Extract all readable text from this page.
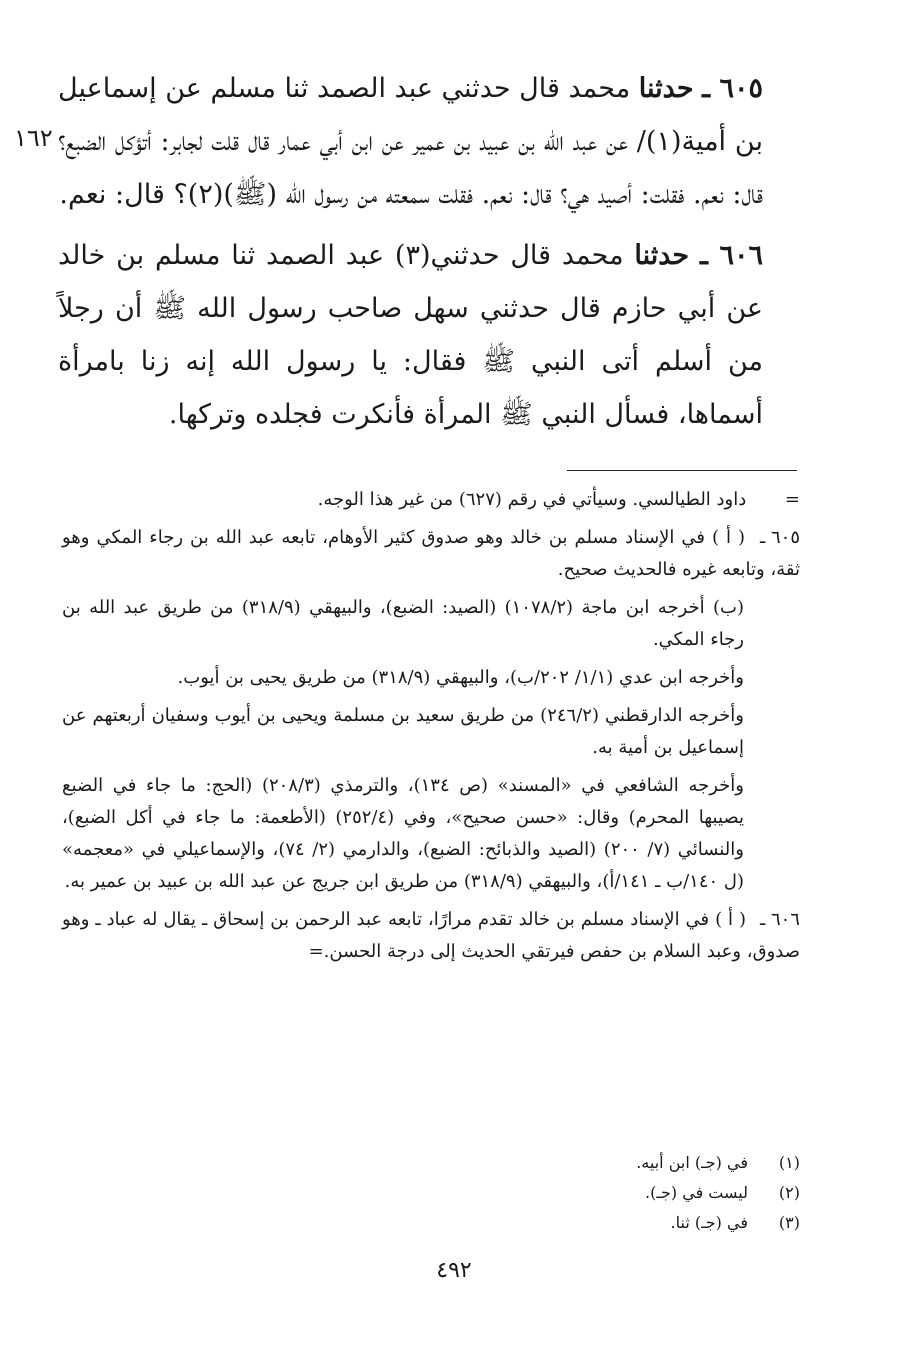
٦٠٥ ـ حدثنا محمد قال حدثني عبد الصمد ثنا مسلم عن إسماعيل بن أمية(١)/ عن عبد الله بن عبيد بن عمير عن ابن أبي عمار قال قلت لجابر: أتؤكل الضبع؟ قال: نعم. فقلت: أصيد هي؟ قال: نعم. فقلت سمعته من رسول الله (ﷺ)(٢)؟ قال: نعم.

٦٠٦ ـ حدثنا محمد قال حدثني(٣) عبد الصمد ثنا مسلم بن خالد عن أبي حازم قال حدثني سهل صاحب رسول الله ﷺ أن رجلاً من أسلم أتى النبي ﷺ فقال: يا رسول الله إنه زنا بامرأة أسماها، فسأل النبي ﷺ المرأة فأنكرت فجلده وتركها.

١٦٢

= داود الطيالسي. وسيأتي في رقم (٦٢٧) من غير هذا الوجه.

٦٠٥ ـ ( أ ) في الإسناد مسلم بن خالد وهو صدوق كثير الأوهام، تابعه عبد الله بن رجاء المكي وهو ثقة، وتابعه غيره فالحديث صحيح.

(ب) أخرجه ابن ماجة (١٠٧٨/٢) (الصيد: الضبع)، والبيهقي (٣١٨/٩) من طريق عبد الله بن رجاء المكي.

وأخرجه ابن عدي (١/١/ ٢٠٢/ب)، والبيهقي (٣١٨/٩) من طريق يحيى بن أيوب.

وأخرجه الدارقطني (٢٤٦/٢) من طريق سعيد بن مسلمة ويحيى بن أيوب وسفيان أربعتهم عن إسماعيل بن أمية به.

وأخرجه الشافعي في «المسند» (ص ١٣٤)، والترمذي (٢٠٨/٣) (الحج: ما جاء في الضبع يصيبها المحرم) وقال: «حسن صحيح»، وفي (٢٥٢/٤) (الأطعمة: ما جاء في أكل الضبع)، والنسائي (٧/ ٢٠٠) (الصيد والذبائح: الضبع)، والدارمي (٢/ ٧٤)، والإسماعيلي في «معجمه» (ل ١٤٠/ب ـ ١٤١/أ)، والبيهقي (٣١٨/٩) من طريق ابن جريج عن عبد الله بن عبيد بن عمير به.

٦٠٦ ـ ( أ ) في الإسناد مسلم بن خالد تقدم مرارًا، تابعه عبد الرحمن بن إسحاق ـ يقال له عباد ـ وهو صدوق، وعبد السلام بن حفص فيرتقي الحديث إلى درجة الحسن.=

(١)
في (جـ) ابن أبيه.
(٢)
ليست في (جـ).
(٣)
في (جـ) ثنا.
٤٩٢
